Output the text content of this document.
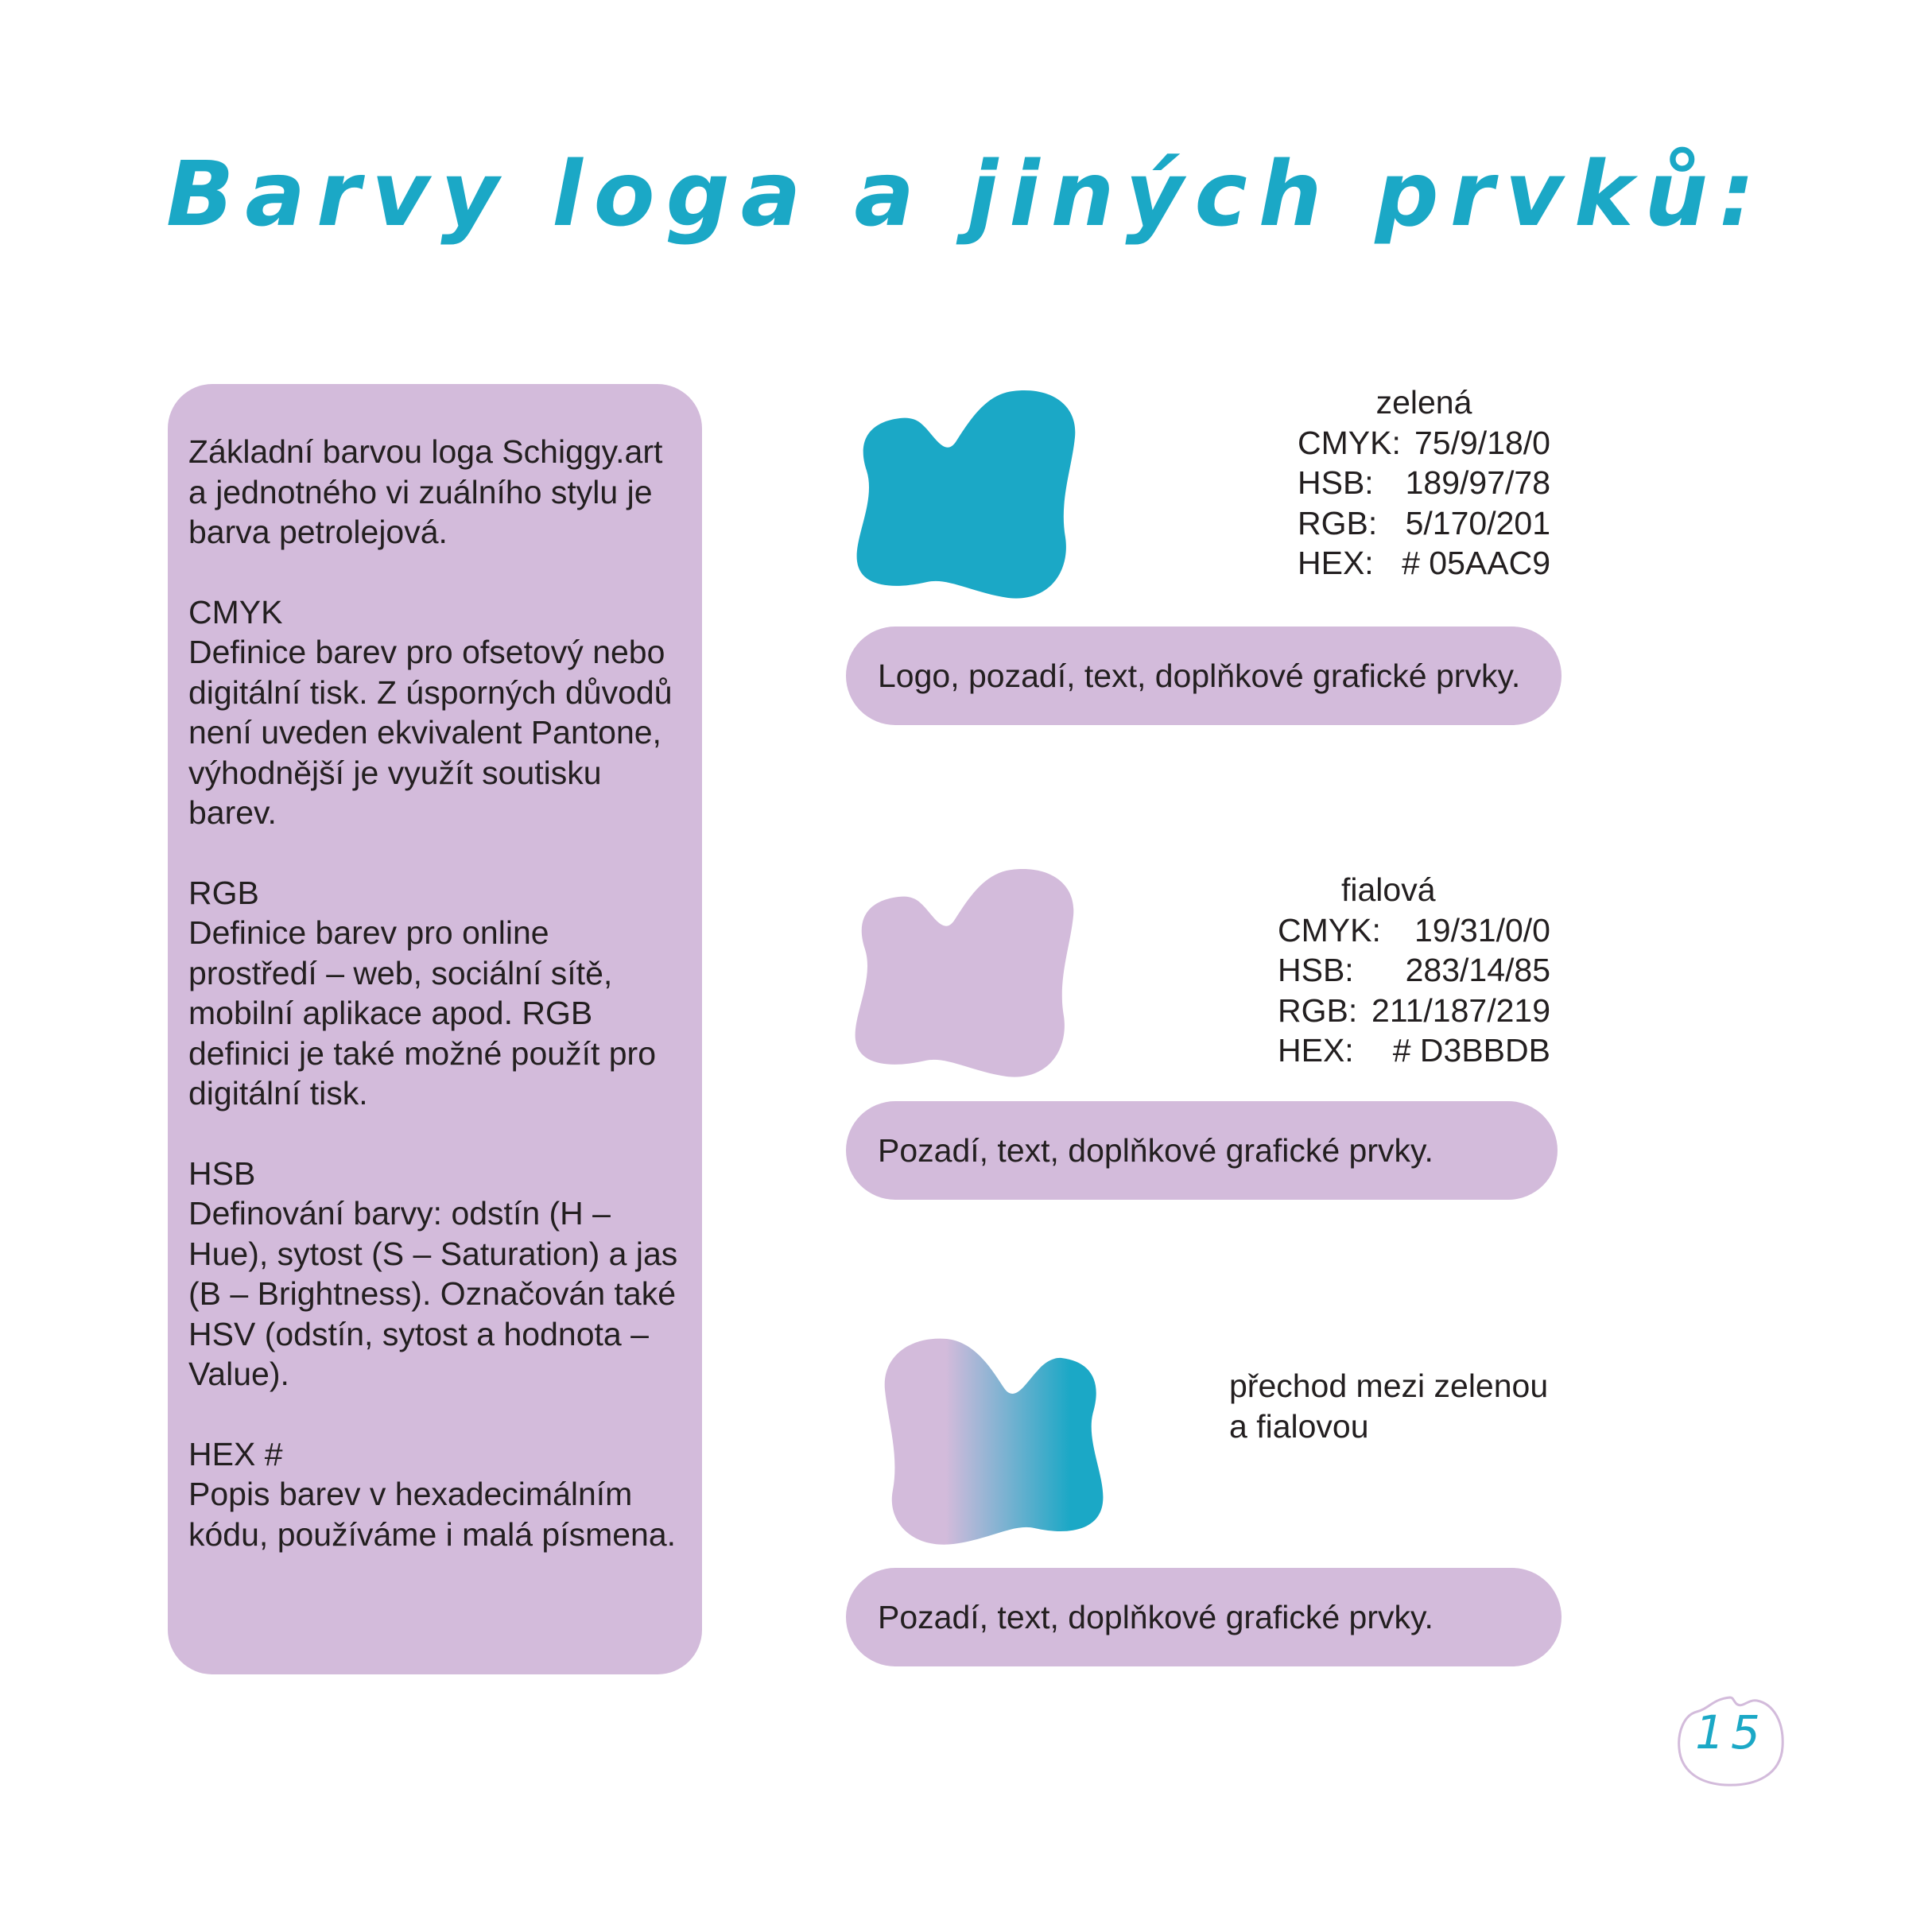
Barvy loga a jiných prvků:

Základní barvou loga Schiggy.art a jednotného vi zuálního stylu je barva petrolejová.

CMYK
Definice barev pro ofsetový nebo digitální tisk. Z úsporných důvodů není uveden ekvivalent Pantone, výhodnější je využít soutisku barev.

RGB
Definice barev pro online prostředí – web, sociální sítě, mobilní aplikace apod. RGB definici je také možné použít pro digitální tisk.

HSB
Definování barvy: odstín (H – Hue), sytost (S – Saturation) a jas (B – Brightness). Označován také HSV (odstín, sytost a hodnota – Value).

HEX #
Popis barev v hexadecimálním kódu, používáme i malá písmena.

zelená
CMYK: 75/9/18/0
HSB: 189/97/78
RGB: 5/170/201
HEX: # 05AAC9
Logo, pozadí, text, doplňkové grafické prvky.
fialová
CMYK: 19/31/0/0
HSB: 283/14/85
RGB: 211/187/219
HEX: # D3BBDB
Pozadí, text, doplňkové grafické prvky.
přechod mezi zelenou
a fialovou
Pozadí, text, doplňkové grafické prvky.
15
